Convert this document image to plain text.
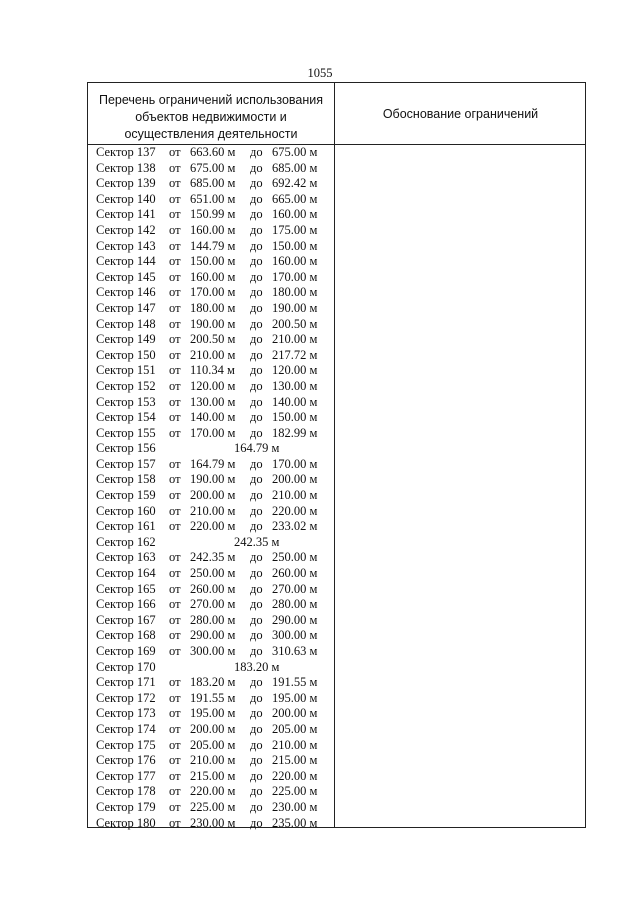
1055
Перечень ограничений использования
объектов недвижимости и
осуществления деятельности
Обоснование ограничений
Сектор 137 от 663.60 м до 675.00 м
Сектор 138 от 675.00 м до 685.00 м
Сектор 139 от 685.00 м до 692.42 м
Сектор 140 от 651.00 м до 665.00 м
Сектор 141 от 150.99 м до 160.00 м
Сектор 142 от 160.00 м до 175.00 м
Сектор 143 от 144.79 м до 150.00 м
Сектор 144 от 150.00 м до 160.00 м
Сектор 145 от 160.00 м до 170.00 м
Сектор 146 от 170.00 м до 180.00 м
Сектор 147 от 180.00 м до 190.00 м
Сектор 148 от 190.00 м до 200.50 м
Сектор 149 от 200.50 м до 210.00 м
Сектор 150 от 210.00 м до 217.72 м
Сектор 151 от 110.34 м до 120.00 м
Сектор 152 от 120.00 м до 130.00 м
Сектор 153 от 130.00 м до 140.00 м
Сектор 154 от 140.00 м до 150.00 м
Сектор 155 от 170.00 м до 182.99 м
Сектор 156	164.79 м
Сектор 157 от 164.79 м до 170.00 м
Сектор 158 от 190.00 м до 200.00 м
Сектор 159 от 200.00 м до 210.00 м
Сектор 160 от 210.00 м до 220.00 м
Сектор 161 от 220.00 м до 233.02 м
Сектор 162	242.35 м
Сектор 163 от 242.35 м до 250.00 м
Сектор 164 от 250.00 м до 260.00 м
Сектор 165 от 260.00 м до 270.00 м
Сектор 166 от 270.00 м до 280.00 м
Сектор 167 от 280.00 м до 290.00 м
Сектор 168 от 290.00 м до 300.00 м
Сектор 169 от 300.00 м до 310.63 м
Сектор 170	183.20 м
Сектор 171 от 183.20 м до 191.55 м
Сектор 172 от 191.55 м до 195.00 м
Сектор 173 от 195.00 м до 200.00 м
Сектор 174 от 200.00 м до 205.00 м
Сектор 175 от 205.00 м до 210.00 м
Сектор 176 от 210.00 м до 215.00 м
Сектор 177 от 215.00 м до 220.00 м
Сектор 178 от 220.00 м до 225.00 м
Сектор 179 от 225.00 м до 230.00 м
Сектор 180 от 230.00 м до 235.00 м
